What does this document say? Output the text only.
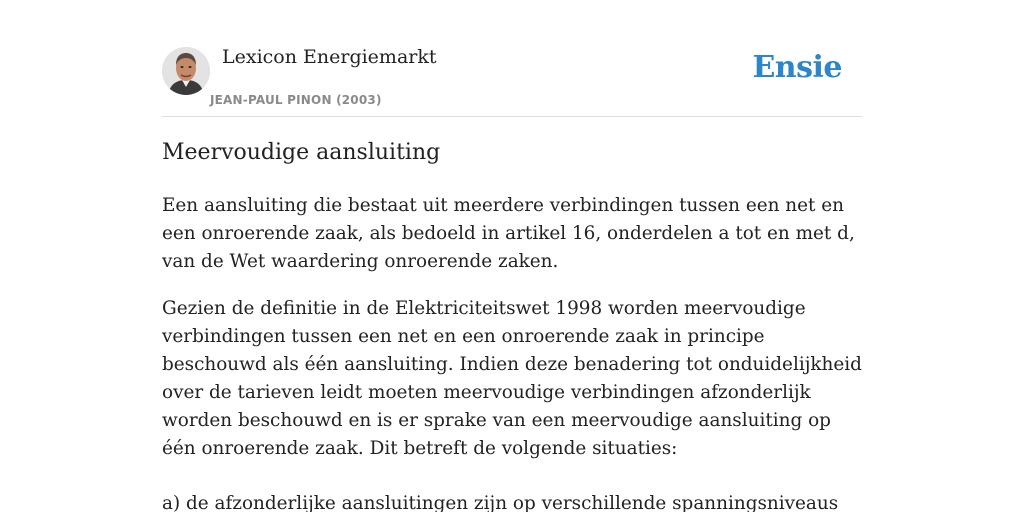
Lexicon Energiemarkt
JEAN-PAUL PINON (2003)
Ensie
Meervoudige aansluiting

Een aansluiting die bestaat uit meerdere verbindingen tussen een net en een onroerende zaak, als bedoeld in artikel 16, onderdelen a tot en met d, van de Wet waardering onroerende zaken.

Gezien de definitie in de Elektriciteitswet 1998 worden meervoudige verbindingen tussen een net en een onroerende zaak in principe beschouwd als één aansluiting. Indien deze benadering tot onduidelijkheid over de tarieven leidt moeten meervoudige verbindingen afzonderlijk worden beschouwd en is er sprake van een meervoudige aansluiting op één onroerende zaak. Dit betreft de volgende situaties:

a) de afzonderlijke aansluitingen zijn op verschillende spanningsniveaus
